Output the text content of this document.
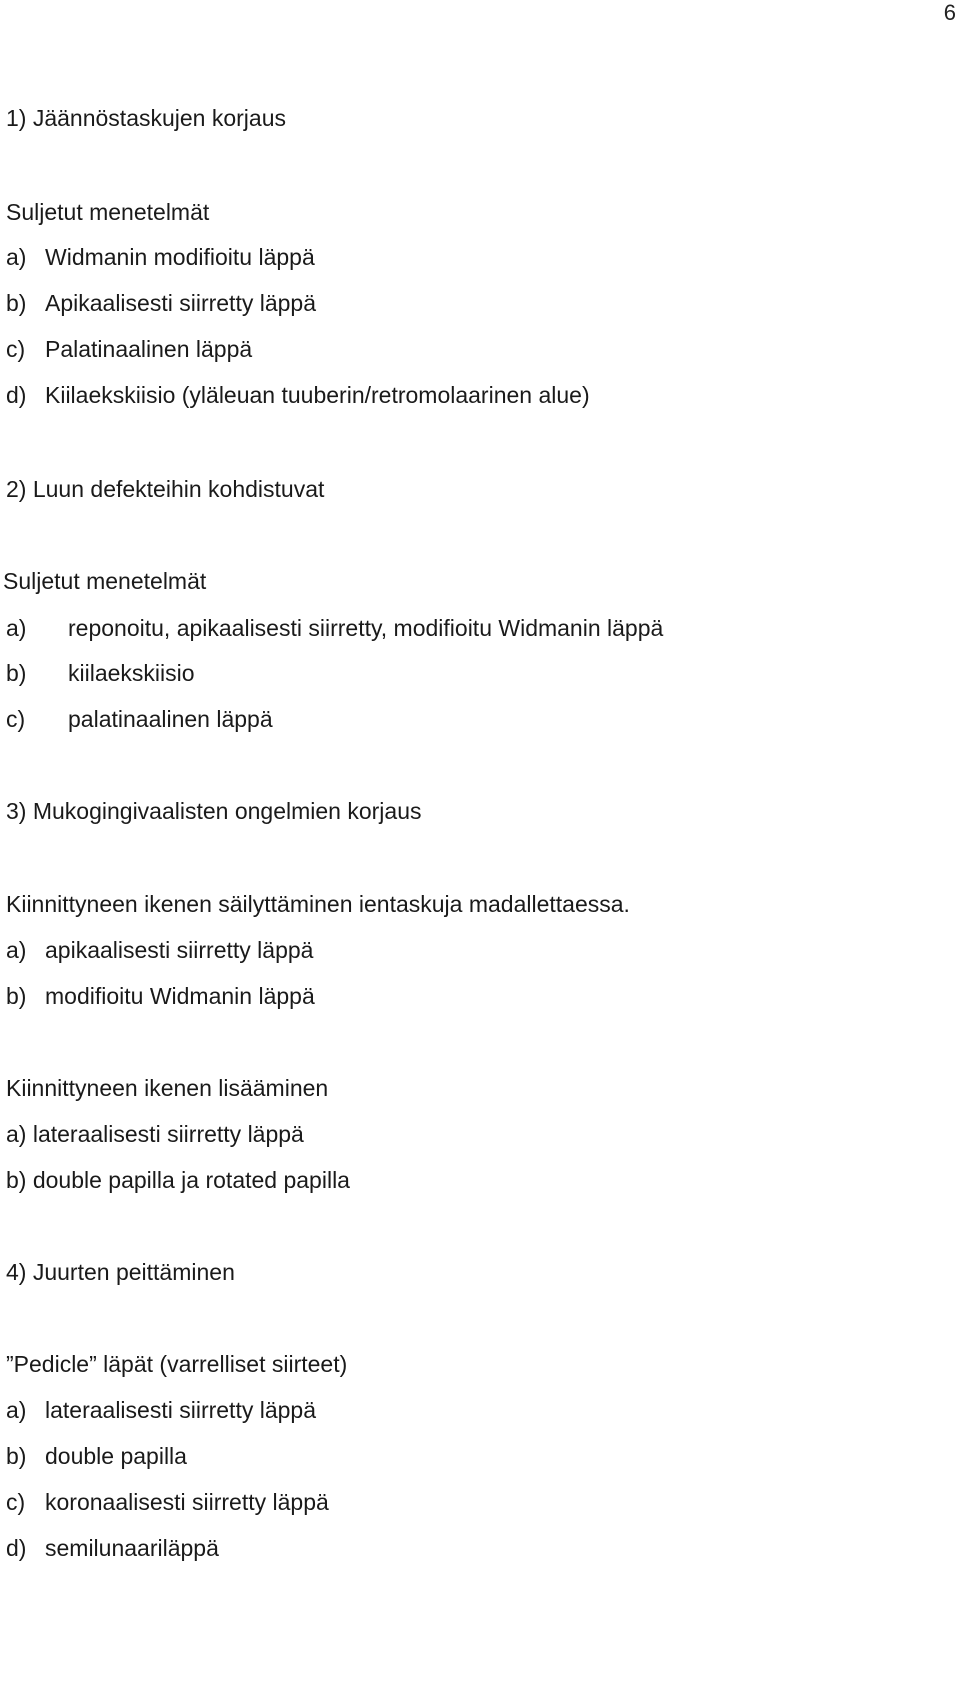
6
1) Jäännöstaskujen korjaus
Suljetut menetelmät
a) Widmanin modifioitu läppä
b) Apikaalisesti siirretty läppä
c) Palatinaalinen läppä
d) Kiilaekskiisio (yläleuan tuuberin/retromolaarinen alue)
2) Luun defekteihin kohdistuvat
Suljetut menetelmät
a) reponoitu, apikaalisesti siirretty, modifioitu Widmanin läppä
b) kiilaekskiisio
c) palatinaalinen läppä
3) Mukogingivaalisten ongelmien korjaus
Kiinnittyneen ikenen säilyttäminen ientaskuja madallettaessa.
a) apikaalisesti siirretty läppä
b) modifioitu Widmanin läppä
Kiinnittyneen ikenen lisääminen
a) lateraalisesti siirretty läppä
b) double papilla ja rotated papilla
4) Juurten peittäminen
”Pedicle” läpät (varrelliset siirteet)
a) lateraalisesti siirretty läppä
b) double papilla
c) koronaalisesti siirretty läppä
d) semilunaariläppä
